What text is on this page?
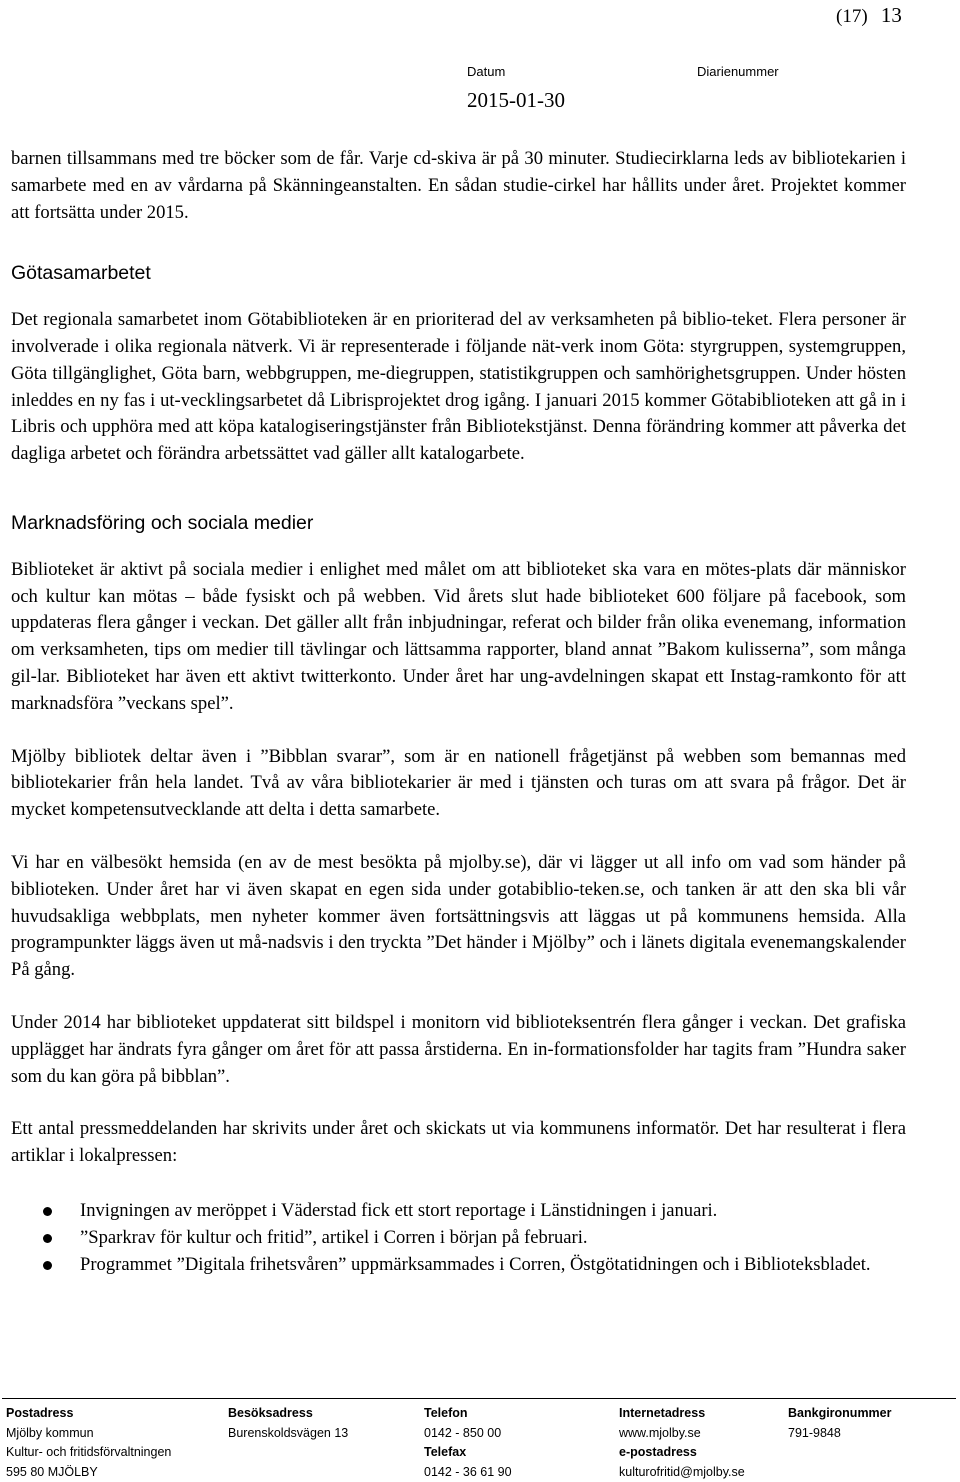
(17) 13
Datum	Diarienummer
2015-01-30

barnen tillsammans med tre böcker som de får. Varje cd-skiva är på 30 minuter. Studiecirklarna leds av bibliotekarien i samarbete med en av vårdarna på Skänningeanstalten. En sådan studie-cirkel har hållits under året. Projektet kommer att fortsätta under 2015.

Götasamarbetet

Det regionala samarbetet inom Götabiblioteken är en prioriterad del av verksamheten på biblio-teket. Flera personer är involverade i olika regionala nätverk. Vi är representerade i följande nät-verk inom Göta: styrgruppen, systemgruppen, Göta tillgänglighet, Göta barn, webbgruppen, me-diegruppen, statistikgruppen och samhörighetsgruppen. Under hösten inleddes en ny fas i ut-vecklingsarbetet då Librisprojektet drog igång. I januari 2015 kommer Götabiblioteken att gå in i Libris och upphöra med att köpa katalogiseringstjänster från Bibliotekstjänst. Denna förändring kommer att påverka det dagliga arbetet och förändra arbetssättet vad gäller allt katalogarbete.

Marknadsföring och sociala medier

Biblioteket är aktivt på sociala medier i enlighet med målet om att biblioteket ska vara en mötes-plats där människor och kultur kan mötas – både fysiskt och på webben. Vid årets slut hade biblioteket 600 följare på facebook, som uppdateras flera gånger i veckan. Det gäller allt från inbjudningar, referat och bilder från olika evenemang, information om verksamheten, tips om medier till tävlingar och lättsamma rapporter, bland annat ”Bakom kulisserna”, som många gil-lar. Biblioteket har även ett aktivt twitterkonto. Under året har ung-avdelningen skapat ett Instag-ramkonto för att marknadsföra ”veckans spel”.

Mjölby bibliotek deltar även i ”Bibblan svarar”, som är en nationell frågetjänst på webben som bemannas med bibliotekarier från hela landet. Två av våra bibliotekarier är med i tjänsten och turas om att svara på frågor. Det är mycket kompetensutvecklande att delta i detta samarbete.

Vi har en välbesökt hemsida (en av de mest besökta på mjolby.se), där vi lägger ut all info om vad som händer på biblioteken. Under året har vi även skapat en egen sida under gotabiblio-teken.se, och tanken är att den ska bli vår huvudsakliga webbplats, men nyheter kommer även fortsättningsvis att läggas ut på kommunens hemsida. Alla programpunkter läggs även ut må-nadsvis i den tryckta ”Det händer i Mjölby” och i länets digitala evenemangskalender På gång.

Under 2014 har biblioteket uppdaterat sitt bildspel i monitorn vid biblioteksentrén flera gånger i veckan. Det grafiska upplägget har ändrats fyra gånger om året för att passa årstiderna. En in-formationsfolder har tagits fram ”Hundra saker som du kan göra på bibblan”.

Ett antal pressmeddelanden har skrivits under året och skickats ut via kommunens informatör. Det har resulterat i flera artiklar i lokalpressen:

Invigningen av meröppet i Väderstad fick ett stort reportage i Länstidningen i januari.
”Sparkrav för kultur och fritid”, artikel i Corren i början på februari.
Programmet ”Digitala frihetsvåren” uppmärksammades i Corren, Östgötatidningen och i Biblioteksbladet.
Postadress
Mjölby kommun
Kultur- och fritidsförvaltningen
595 80 MJÖLBY
Besöksadress
Burenskoldsvägen 13
Telefon
0142 - 850 00
Telefax
0142 - 36 61 90
Internetadress
www.mjolby.se
e-postadress
kulturofritid@mjolby.se
Bankgironummer
791-9848
